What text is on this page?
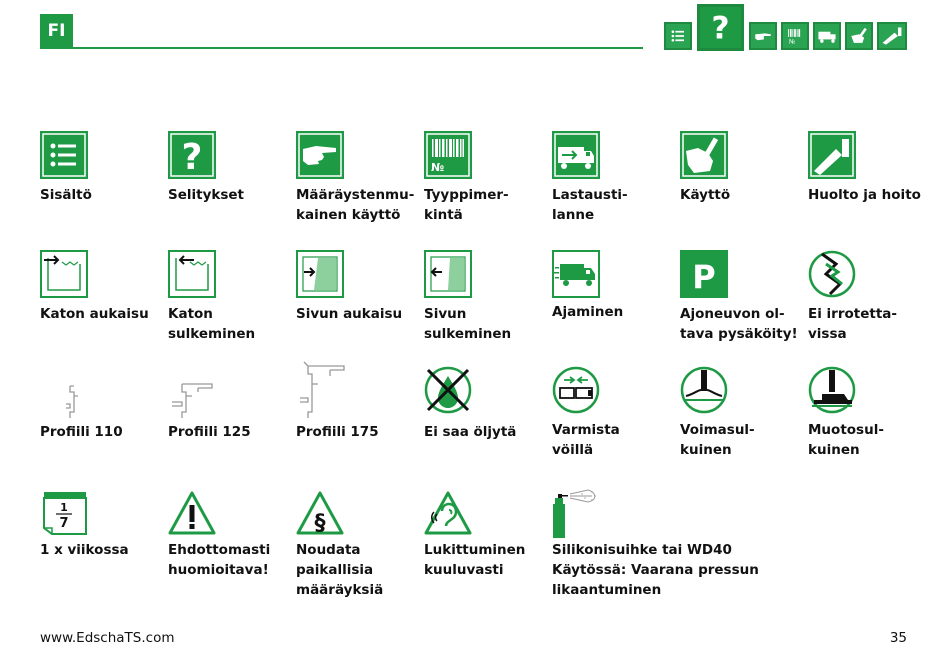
FI	?	№
Sisältö
?
Selitykset	Määräystenmu-
kainen käyttö
№
Tyyppimer-
kintä
Lastausti-
lanne
Käyttö	Huolto ja hoito
Katon aukaisu Katon
sulkeminen
Sivun aukaisu Sivun
sulkeminen
Ajaminen
P
Ajoneuvon ol-
tava pysäköity!
Ei irrotetta-
vissa
Profiili 110	Profiili 125	Profiili 175	Ei saa öljytä	Varmista
vöillä
Voimasul-
kuinen
Muotosul-
kuinen
1
7
1 x viikossa	Ehdottomasti
huomioitava!
§
Noudata
paikallisia
määräyksiä
Lukittuminen
kuuluvasti
Silikonisuihke tai WD40
Käytössä: Vaarana pressun
likaantuminen
www.EdschaTS.com	35
